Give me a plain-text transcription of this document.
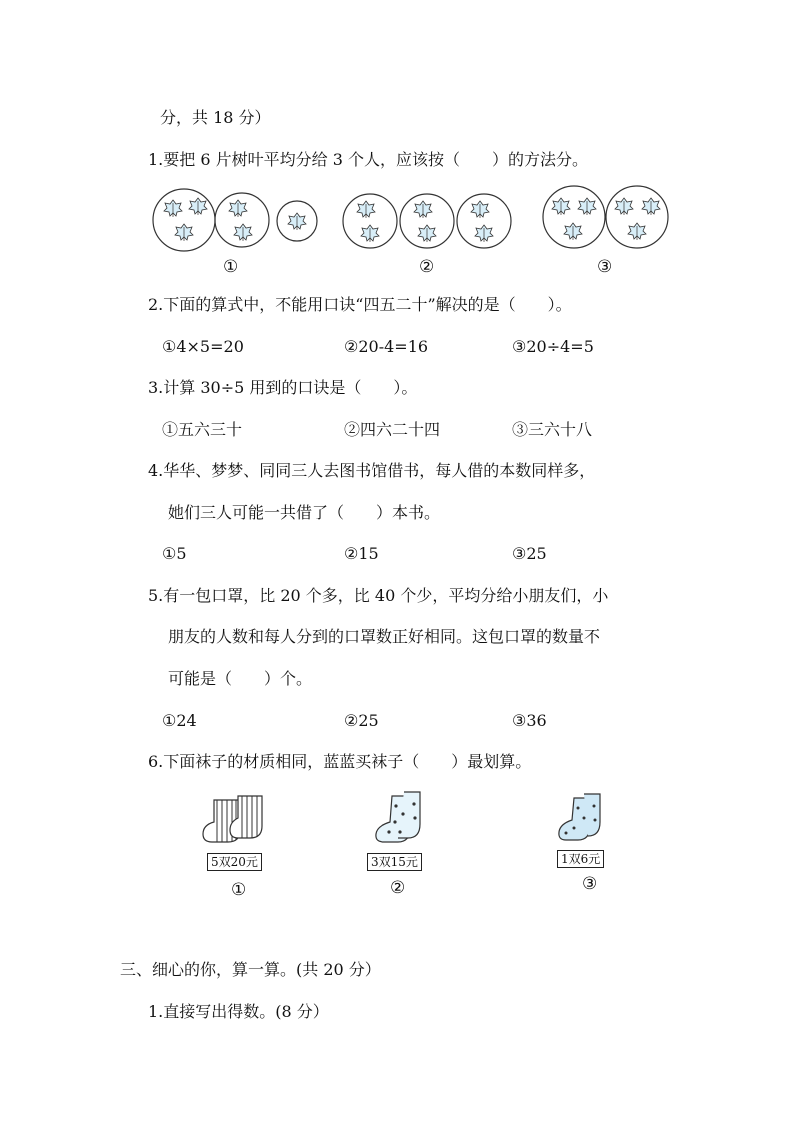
分，共 18 分）
1.要把 6 片树叶平均分给 3 个人，应该按（　　）的方法分。
①	②	③
2.下面的算式中，不能用口诀“四五二十”解决的是（　　）。
①4×5=20	②20-4=16	③20÷4=5
3.计算 30÷5 用到的口诀是（　　）。
①五六三十	②四六二十四	③三六十八
4.华华、梦梦、同同三人去图书馆借书，每人借的本数同样多，
她们三人可能一共借了（　　）本书。
①5	②15	③25
5.有一包口罩，比 20 个多，比 40 个少，平均分给小朋友们，小
朋友的人数和每人分到的口罩数正好相同。这包口罩的数量不
可能是（　　）个。
①24	②25	③36
6.下面袜子的材质相同，蓝蓝买袜子（　　）最划算。
5双20元	3双15元	1双6元
①	②	③
三、细心的你，算一算。(共 20 分）
1.直接写出得数。(8 分）
